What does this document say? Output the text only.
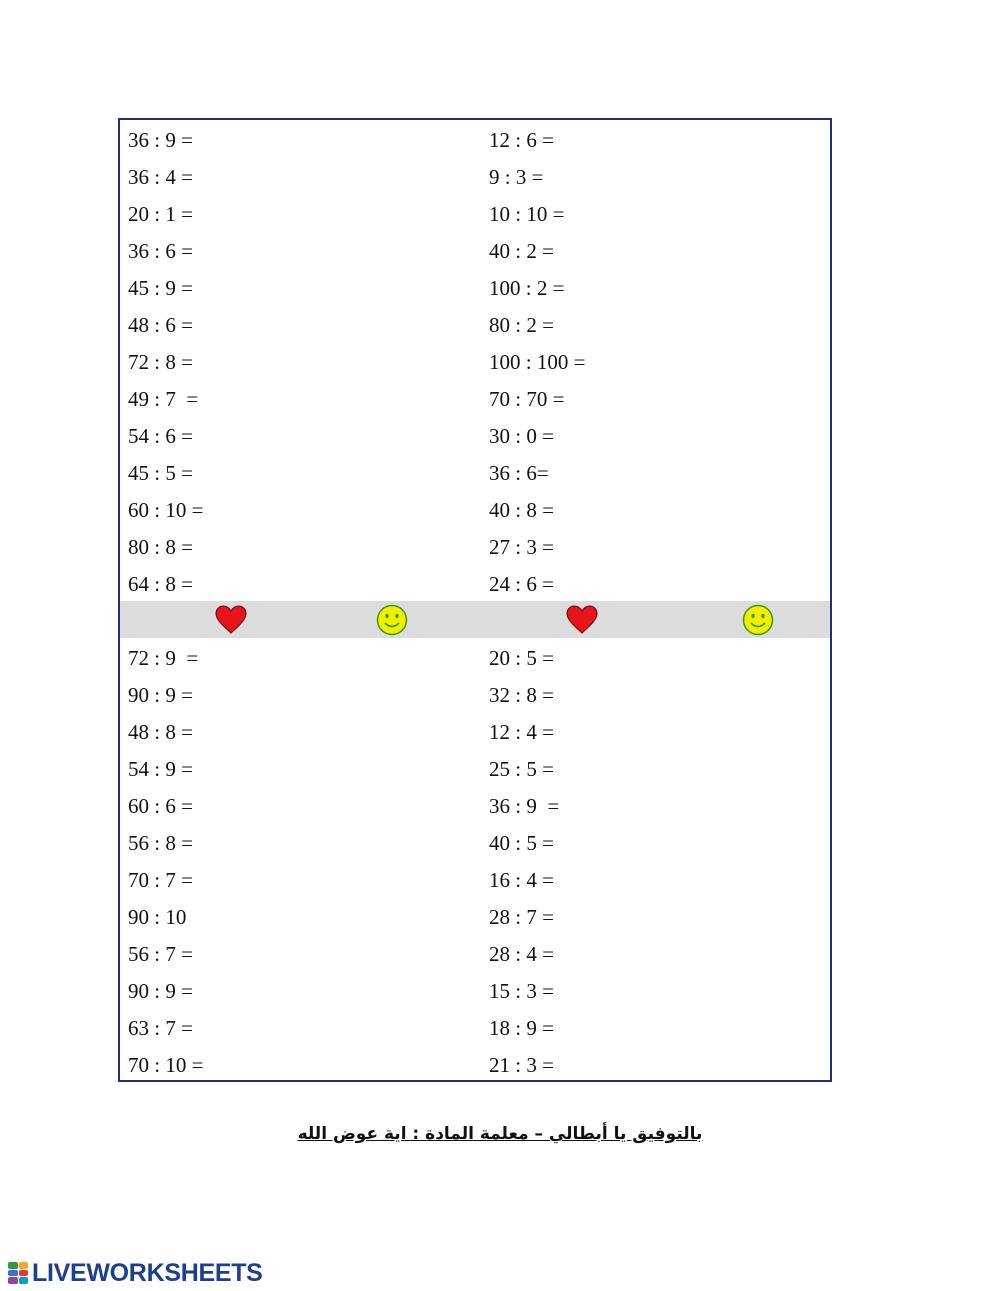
36 : 9 =	12 : 6 =
36 : 4 =	9 : 3 =
20 : 1 =	10 : 10 =
36 : 6 =	40 : 2 =
45 : 9 =	100 : 2 =
48 : 6 =	80 : 2 =
72 : 8 =	100 : 100 =
49 : 7  =	70 : 70 =
54 : 6 =	30 : 0 =
45 : 5 =	36 : 6=
60 : 10 =	40 : 8 =
80 : 8 =	27 : 3 =
64 : 8 =	24 : 6 =
72 : 9  =	20 : 5 =
90 : 9 =	32 : 8 =
48 : 8 =	12 : 4 =
54 : 9 =	25 : 5 =
60 : 6 =	36 : 9  =
56 : 8 =	40 : 5 =
70 : 7 =	16 : 4 =
90 : 10	28 : 7 =
56 : 7 =	28 : 4 =
90 : 9 =	15 : 3 =
63 : 7 =	18 : 9 =
70 : 10 =	21 : 3 =
بالتوفيق يا أبطالي – معلمة المادة : اية عوض الله
LIVEWORKSHEETS
